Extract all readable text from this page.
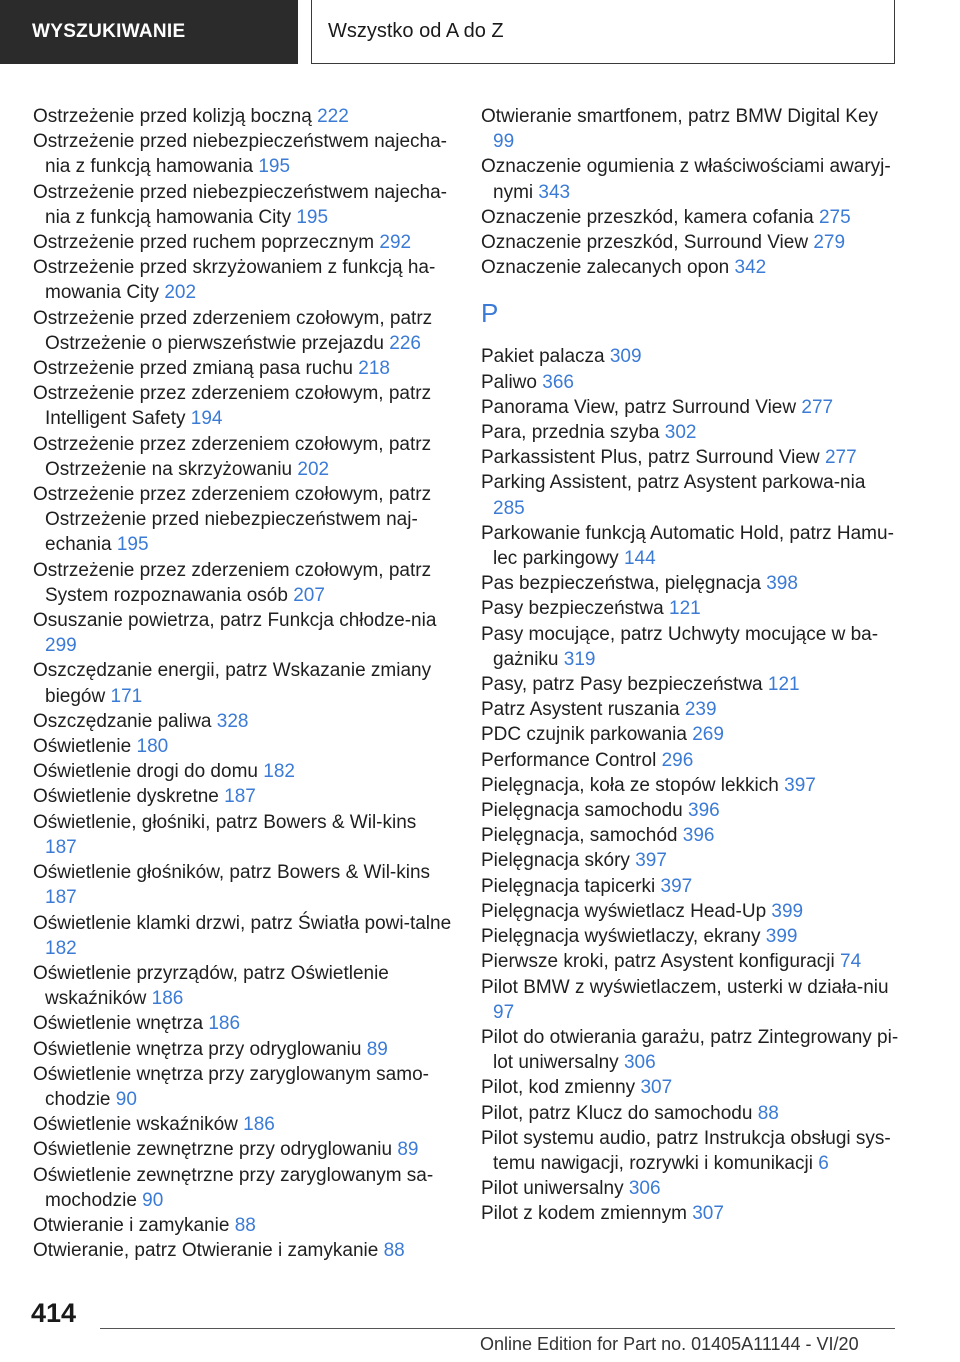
WYSZUKIWANIE	Wszystko od A do Z
Ostrzeżenie przed kolizją boczną 222
Ostrzeżenie przed niebezpieczeństwem najecha-nia z funkcją hamowania 195
Ostrzeżenie przed niebezpieczeństwem najecha-nia z funkcją hamowania City 195
Ostrzeżenie przed ruchem poprzecznym 292
Ostrzeżenie przed skrzyżowaniem z funkcją ha-mowania City 202
Ostrzeżenie przed zderzeniem czołowym, patrz Ostrzeżenie o pierwszeństwie przejazdu 226
Ostrzeżenie przed zmianą pasa ruchu 218
Ostrzeżenie przez zderzeniem czołowym, patrz Intelligent Safety 194
Ostrzeżenie przez zderzeniem czołowym, patrz Ostrzeżenie na skrzyżowaniu 202
Ostrzeżenie przez zderzeniem czołowym, patrz Ostrzeżenie przed niebezpieczeństwem naj-echania 195
Ostrzeżenie przez zderzeniem czołowym, patrz System rozpoznawania osób 207
Osuszanie powietrza, patrz Funkcja chłodze-nia 299
Oszczędzanie energii, patrz Wskazanie zmiany biegów 171
Oszczędzanie paliwa 328
Oświetlenie 180
Oświetlenie drogi do domu 182
Oświetlenie dyskretne 187
Oświetlenie, głośniki, patrz Bowers & Wil-kins 187
Oświetlenie głośników, patrz Bowers & Wil-kins 187
Oświetlenie klamki drzwi, patrz Światła powi-talne 182
Oświetlenie przyrządów, patrz Oświetlenie wskaźników 186
Oświetlenie wnętrza 186
Oświetlenie wnętrza przy odryglowaniu 89
Oświetlenie wnętrza przy zaryglowanym samo-chodzie 90
Oświetlenie wskaźników 186
Oświetlenie zewnętrzne przy odryglowaniu 89
Oświetlenie zewnętrzne przy zaryglowanym sa-mochodzie 90
Otwieranie i zamykanie 88
Otwieranie, patrz Otwieranie i zamykanie 88
Otwieranie smartfonem, patrz BMW Digital Key 99
Oznaczenie ogumienia z właściwościami awaryj-nymi 343
Oznaczenie przeszkód, kamera cofania 275
Oznaczenie przeszkód, Surround View 279
Oznaczenie zalecanych opon 342
P
Pakiet palacza 309
Paliwo 366
Panorama View, patrz Surround View 277
Para, przednia szyba 302
Parkassistent Plus, patrz Surround View 277
Parking Assistent, patrz Asystent parkowa-nia 285
Parkowanie funkcją Automatic Hold, patrz Hamu-lec parkingowy 144
Pas bezpieczeństwa, pielęgnacja 398
Pasy bezpieczeństwa 121
Pasy mocujące, patrz Uchwyty mocujące w ba-gażniku 319
Pasy, patrz Pasy bezpieczeństwa 121
Patrz Asystent ruszania 239
PDC czujnik parkowania 269
Performance Control 296
Pielęgnacja, koła ze stopów lekkich 397
Pielęgnacja samochodu 396
Pielęgnacja, samochód 396
Pielęgnacja skóry 397
Pielęgnacja tapicerki 397
Pielęgnacja wyświetlacz Head-Up 399
Pielęgnacja wyświetlaczy, ekrany 399
Pierwsze kroki, patrz Asystent konfiguracji 74
Pilot BMW z wyświetlaczem, usterki w działa-niu 97
Pilot do otwierania garażu, patrz Zintegrowany pi-lot uniwersalny 306
Pilot, kod zmienny 307
Pilot, patrz Klucz do samochodu 88
Pilot systemu audio, patrz Instrukcja obsługi sys-temu nawigacji, rozrywki i komunikacji 6
Pilot uniwersalny 306
Pilot z kodem zmiennym 307
414
Online Edition for Part no. 01405A11144 - VI/20
